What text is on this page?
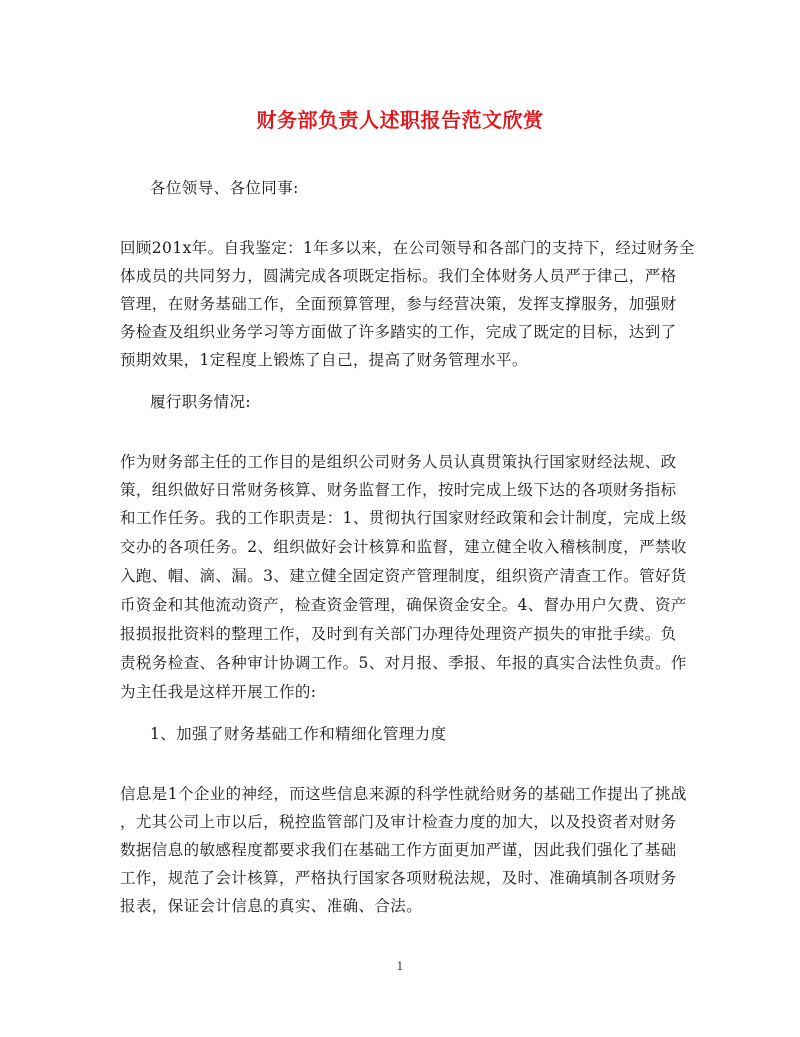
财务部负责人述职报告范文欣赏
各位领导、各位同事:
回顾201x年。自我鉴定：1年多以来，在公司领导和各部门的支持下，经过财务全
体成员的共同努力，圆满完成各项既定指标。我们全体财务人员严于律己，严格
管理，在财务基础工作，全面预算管理，参与经营决策，发挥支撑服务，加强财
务检查及组织业务学习等方面做了许多踏实的工作，完成了既定的目标，达到了
预期效果，1定程度上锻炼了自己，提高了财务管理水平。
履行职务情况:
作为财务部主任的工作目的是组织公司财务人员认真贯策执行国家财经法规、政
策，组织做好日常财务核算、财务监督工作，按时完成上级下达的各项财务指标
和工作任务。我的工作职责是：1、贯彻执行国家财经政策和会计制度，完成上级
交办的各项任务。2、组织做好会计核算和监督，建立健全收入稽核制度，严禁收
入跑、帽、滴、漏。3、建立健全固定资产管理制度，组织资产清查工作。管好货
币资金和其他流动资产，检查资金管理，确保资金安全。4、督办用户欠费、资产
报损报批资料的整理工作，及时到有关部门办理待处理资产损失的审批手续。负
责税务检查、各种审计协调工作。5、对月报、季报、年报的真实合法性负责。作
为主任我是这样开展工作的:
1、加强了财务基础工作和精细化管理力度
信息是1个企业的神经，而这些信息来源的科学性就给财务的基础工作提出了挑战
，尤其公司上市以后，税控监管部门及审计检查力度的加大，以及投资者对财务
数据信息的敏感程度都要求我们在基础工作方面更加严谨，因此我们强化了基础
工作，规范了会计核算，严格执行国家各项财税法规，及时、准确填制各项财务
报表，保证会计信息的真实、准确、合法。
1
